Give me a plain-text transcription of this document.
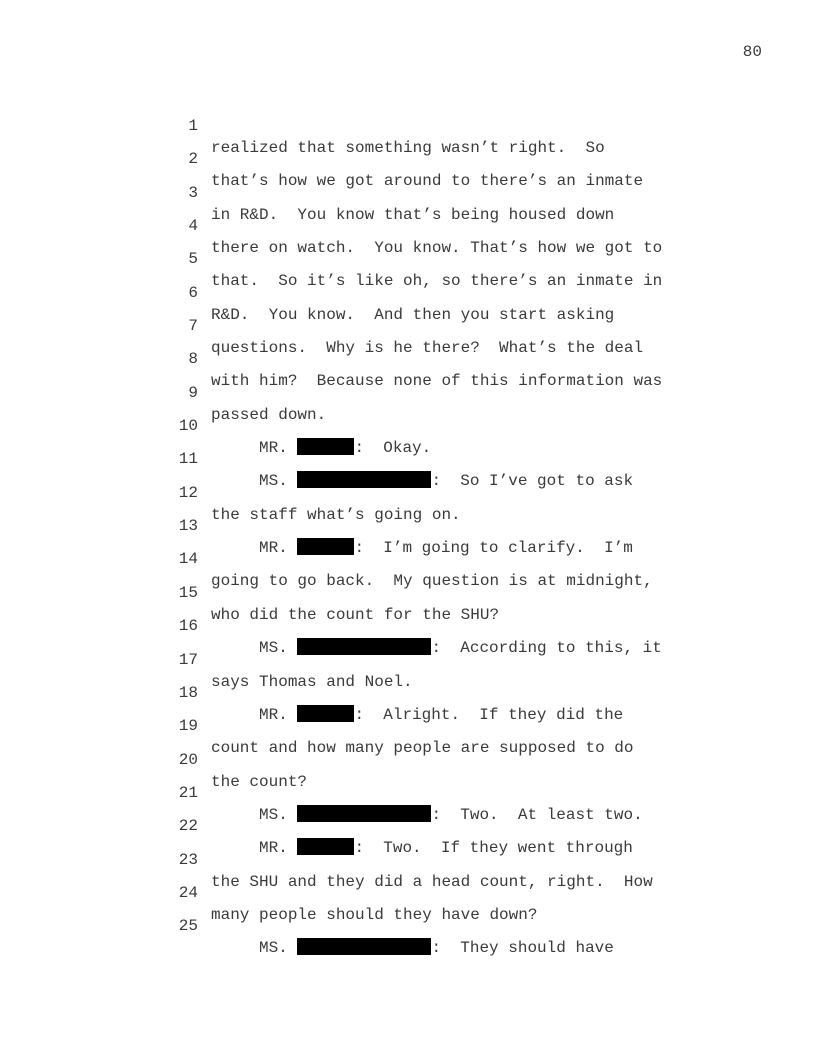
80

1

realized that something wasn’t right.  So

2

that’s how we got around to there’s an inmate

3

in R&D.  You know that’s being housed down

4

there on watch.  You know. That’s how we got to

5

that.  So it’s like oh, so there’s an inmate in

6

R&D.  You know.  And then you start asking

7

questions.  Why is he there?  What’s the deal

8

with him?  Because none of this information was

9

passed down.

10

MR.	:  Okay.

11

MS.	:  So I’ve got to ask

12

the staff what’s going on.

13

MR.	:  I’m going to clarify.  I’m

14

going to go back.  My question is at midnight,

15

who did the count for the SHU?

16

MS.	:  According to this, it

17

says Thomas and Noel.

18

MR.	:  Alright.  If they did the

19

count and how many people are supposed to do

20

the count?

21

MS.	:  Two.  At least two.

22

MR.	:  Two.  If they went through

23

the SHU and they did a head count, right.  How

24

many people should they have down?

25

MS.	:  They should have
